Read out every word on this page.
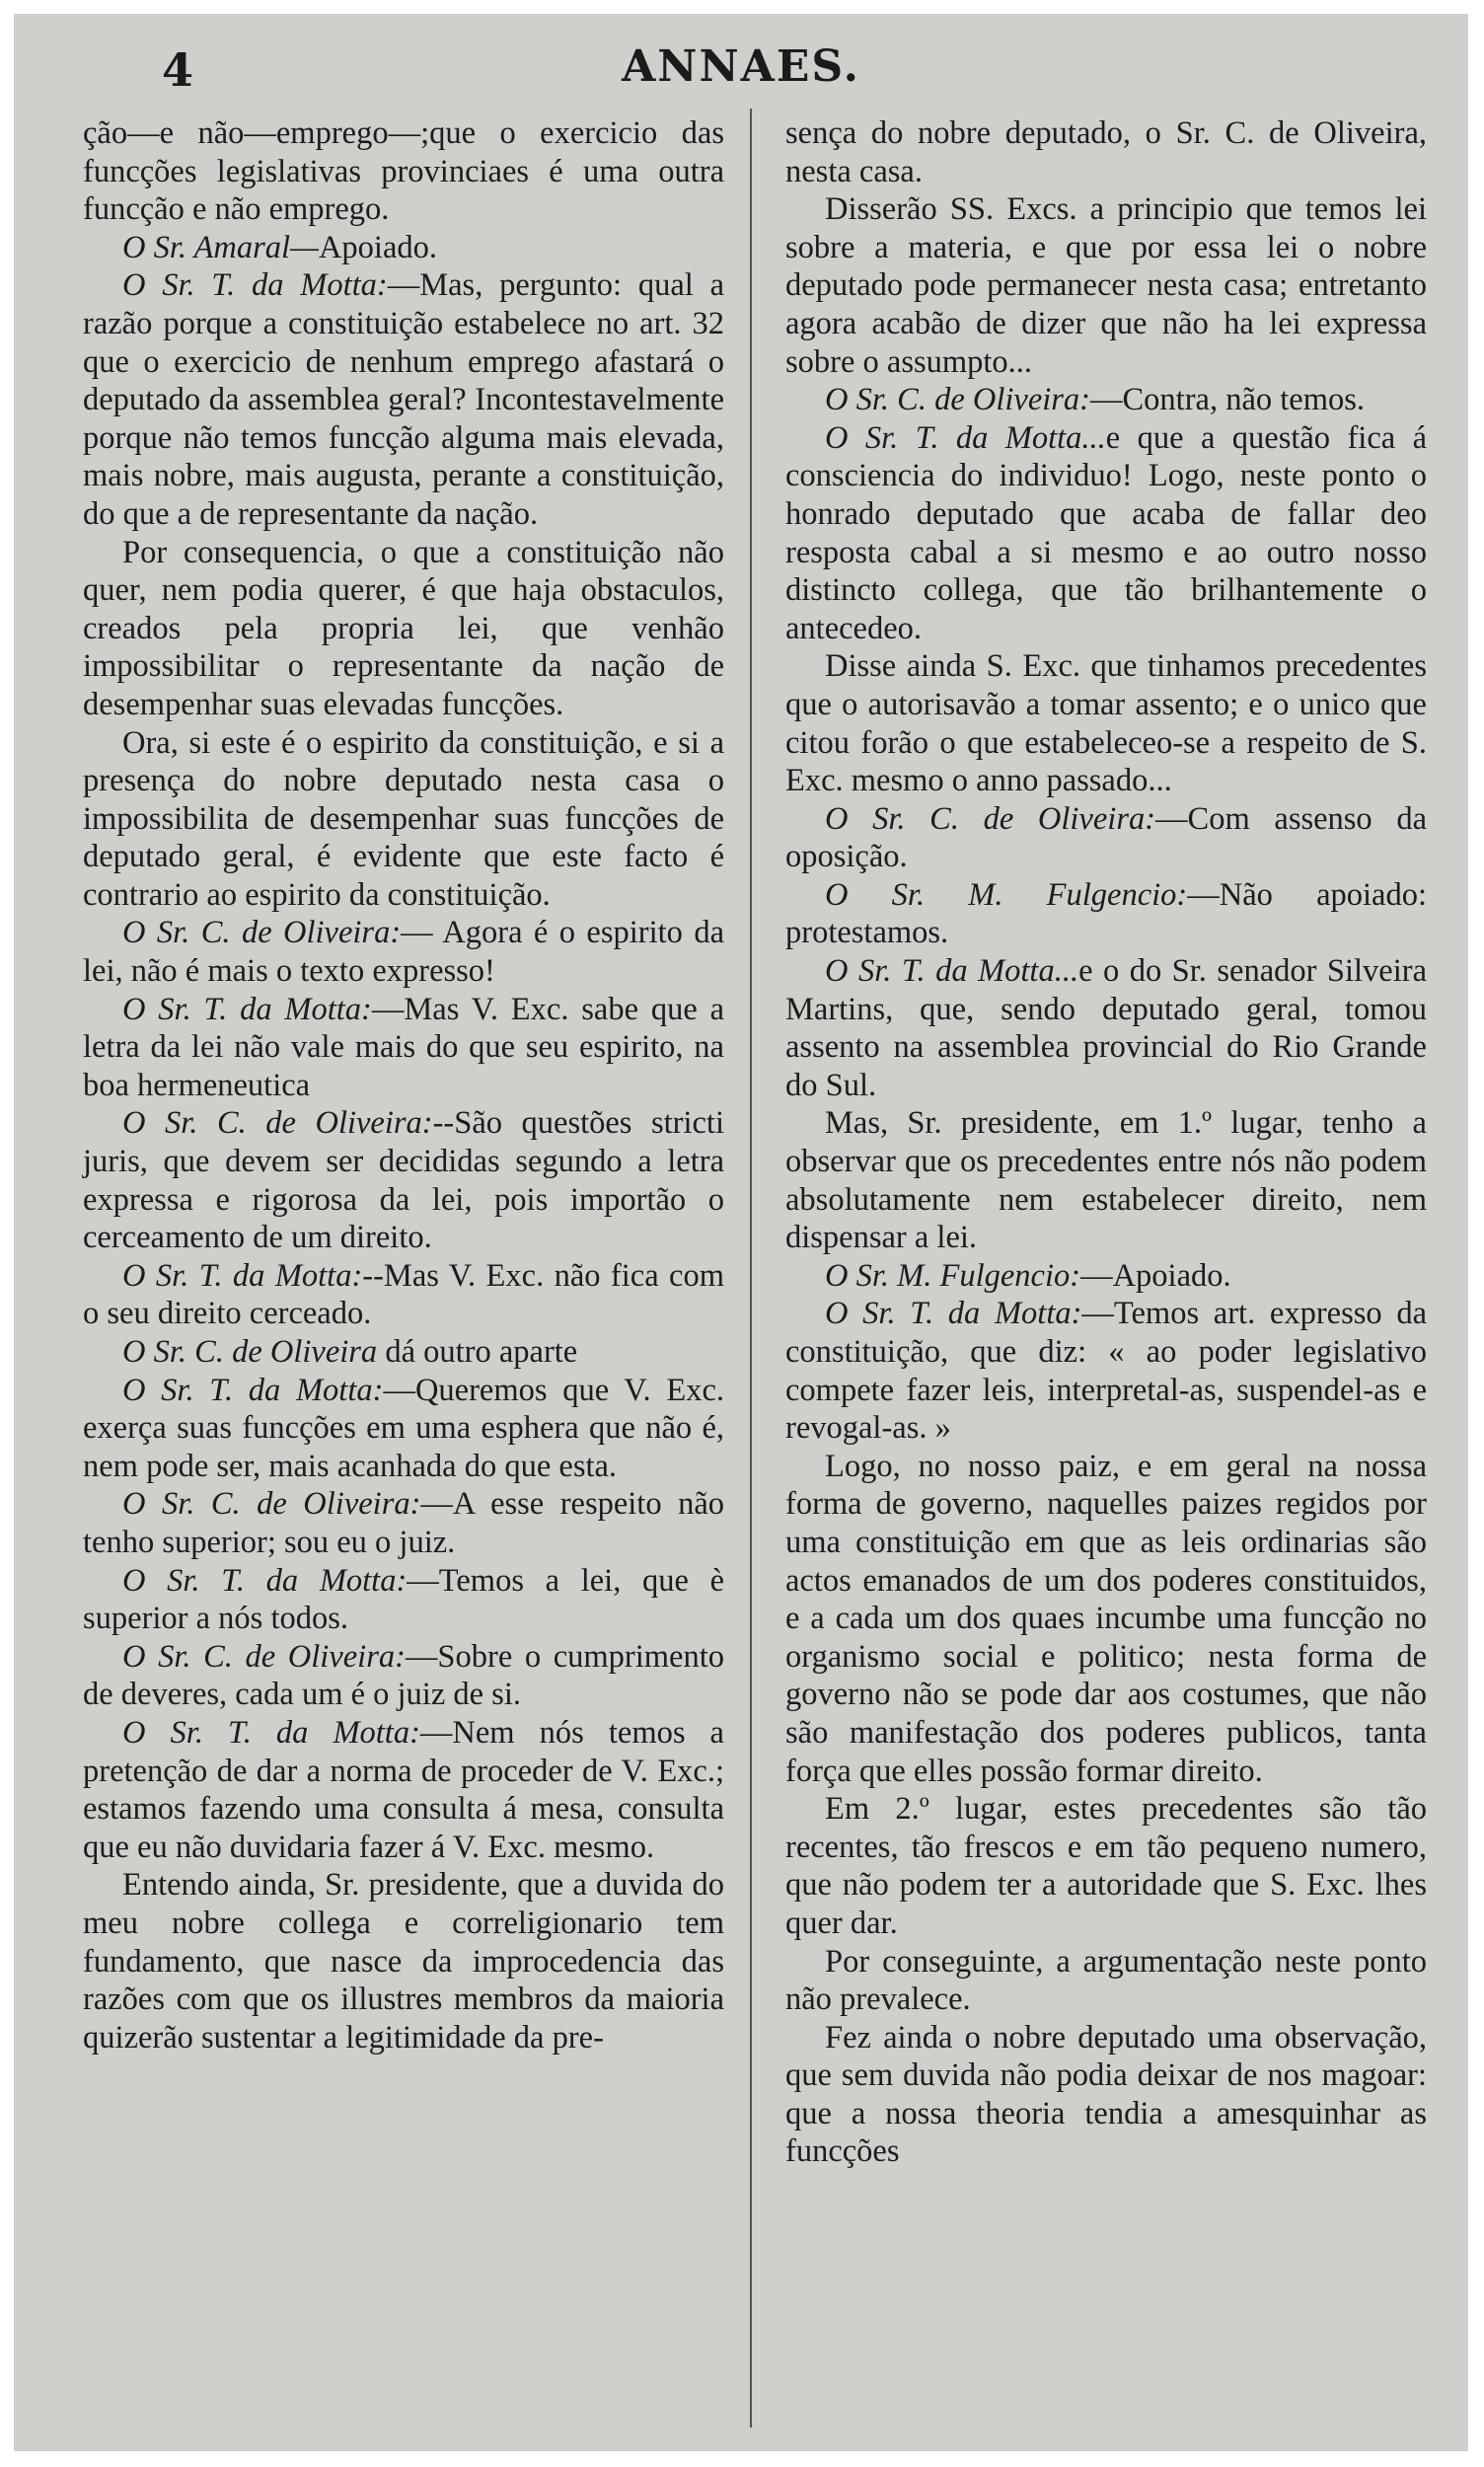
4	ANNAES.

ção—e não—emprego—;que o exercicio das funcções legislativas provinciaes é uma outra funcção e não emprego.

O Sr. Amaral—Apoiado.

O Sr. T. da Motta:—Mas, pergunto: qual a razão porque a constituição estabelece no art. 32 que o exercicio de nenhum emprego afastará o deputado da assemblea geral? Incontestavelmente porque não temos funcção alguma mais elevada, mais nobre, mais augusta, perante a constituição, do que a de representante da nação.

Por consequencia, o que a constituição não quer, nem podia querer, é que haja obstaculos, creados pela propria lei, que venhão impossibilitar o representante da nação de desempenhar suas elevadas funcções.

Ora, si este é o espirito da constituição, e si a presença do nobre deputado nesta casa o impossibilita de desempenhar suas funcções de deputado geral, é evidente que este facto é contrario ao espirito da constituição.

O Sr. C. de Oliveira:— Agora é o espirito da lei, não é mais o texto expresso!

O Sr. T. da Motta:—Mas V. Exc. sabe que a letra da lei não vale mais do que seu espirito, na boa hermeneutica

O Sr. C. de Oliveira:--São questões stricti juris, que devem ser decididas segundo a letra expressa e rigorosa da lei, pois importão o cerceamento de um direito.

O Sr. T. da Motta:--Mas V. Exc. não fica com o seu direito cerceado.

O Sr. C. de Oliveira dá outro aparte

O Sr. T. da Motta:—Queremos que V. Exc. exerça suas funcções em uma esphera que não é, nem pode ser, mais acanhada do que esta.

O Sr. C. de Oliveira:—A esse respeito não tenho superior; sou eu o juiz.

O Sr. T. da Motta:—Temos a lei, que è superior a nós todos.

O Sr. C. de Oliveira:—Sobre o cumprimento de deveres, cada um é o juiz de si.

O Sr. T. da Motta:—Nem nós temos a pretenção de dar a norma de proceder de V. Exc.; estamos fazendo uma consulta á mesa, consulta que eu não duvidaria fazer á V. Exc. mesmo.

Entendo ainda, Sr. presidente, que a duvida do meu nobre collega e correligionario tem fundamento, que nasce da improcedencia das razões com que os illustres membros da maioria quizerão sustentar a legitimidade da pre-

sença do nobre deputado, o Sr. C. de Oliveira, nesta casa.

Disserão SS. Excs. a principio que temos lei sobre a materia, e que por essa lei o nobre deputado pode permanecer nesta casa; entretanto agora acabão de dizer que não ha lei expressa sobre o assumpto...

O Sr. C. de Oliveira:—Contra, não temos.

O Sr. T. da Motta...e que a questão fica á consciencia do individuo! Logo, neste ponto o honrado deputado que acaba de fallar deo resposta cabal a si mesmo e ao outro nosso distincto collega, que tão brilhantemente o antecedeo.

Disse ainda S. Exc. que tinhamos precedentes que o autorisavão a tomar assento; e o unico que citou forão o que estabeleceo-se a respeito de S. Exc. mesmo o anno passado...

O Sr. C. de Oliveira:—Com assenso da oposição.

O Sr. M. Fulgencio:—Não apoiado: protestamos.

O Sr. T. da Motta...e o do Sr. senador Silveira Martins, que, sendo deputado geral, tomou assento na assemblea provincial do Rio Grande do Sul.

Mas, Sr. presidente, em 1.º lugar, tenho a observar que os precedentes entre nós não podem absolutamente nem estabelecer direito, nem dispensar a lei.

O Sr. M. Fulgencio:—Apoiado.

O Sr. T. da Motta:—Temos art. expresso da constituição, que diz: « ao poder legislativo compete fazer leis, interpretal-as, suspendel-as e revogal-as. »

Logo, no nosso paiz, e em geral na nossa forma de governo, naquelles paizes regidos por uma constituição em que as leis ordinarias são actos emanados de um dos poderes constituidos, e a cada um dos quaes incumbe uma funcção no organismo social e politico; nesta forma de governo não se pode dar aos costumes, que não são manifestação dos poderes publicos, tanta força que elles possão formar direito.

Em 2.º lugar, estes precedentes são tão recentes, tão frescos e em tão pequeno numero, que não podem ter a autoridade que S. Exc. lhes quer dar.

Por conseguinte, a argumentação neste ponto não prevalece.

Fez ainda o nobre deputado uma observação, que sem duvida não podia deixar de nos magoar: que a nossa theoria tendia a amesquinhar as funcções
